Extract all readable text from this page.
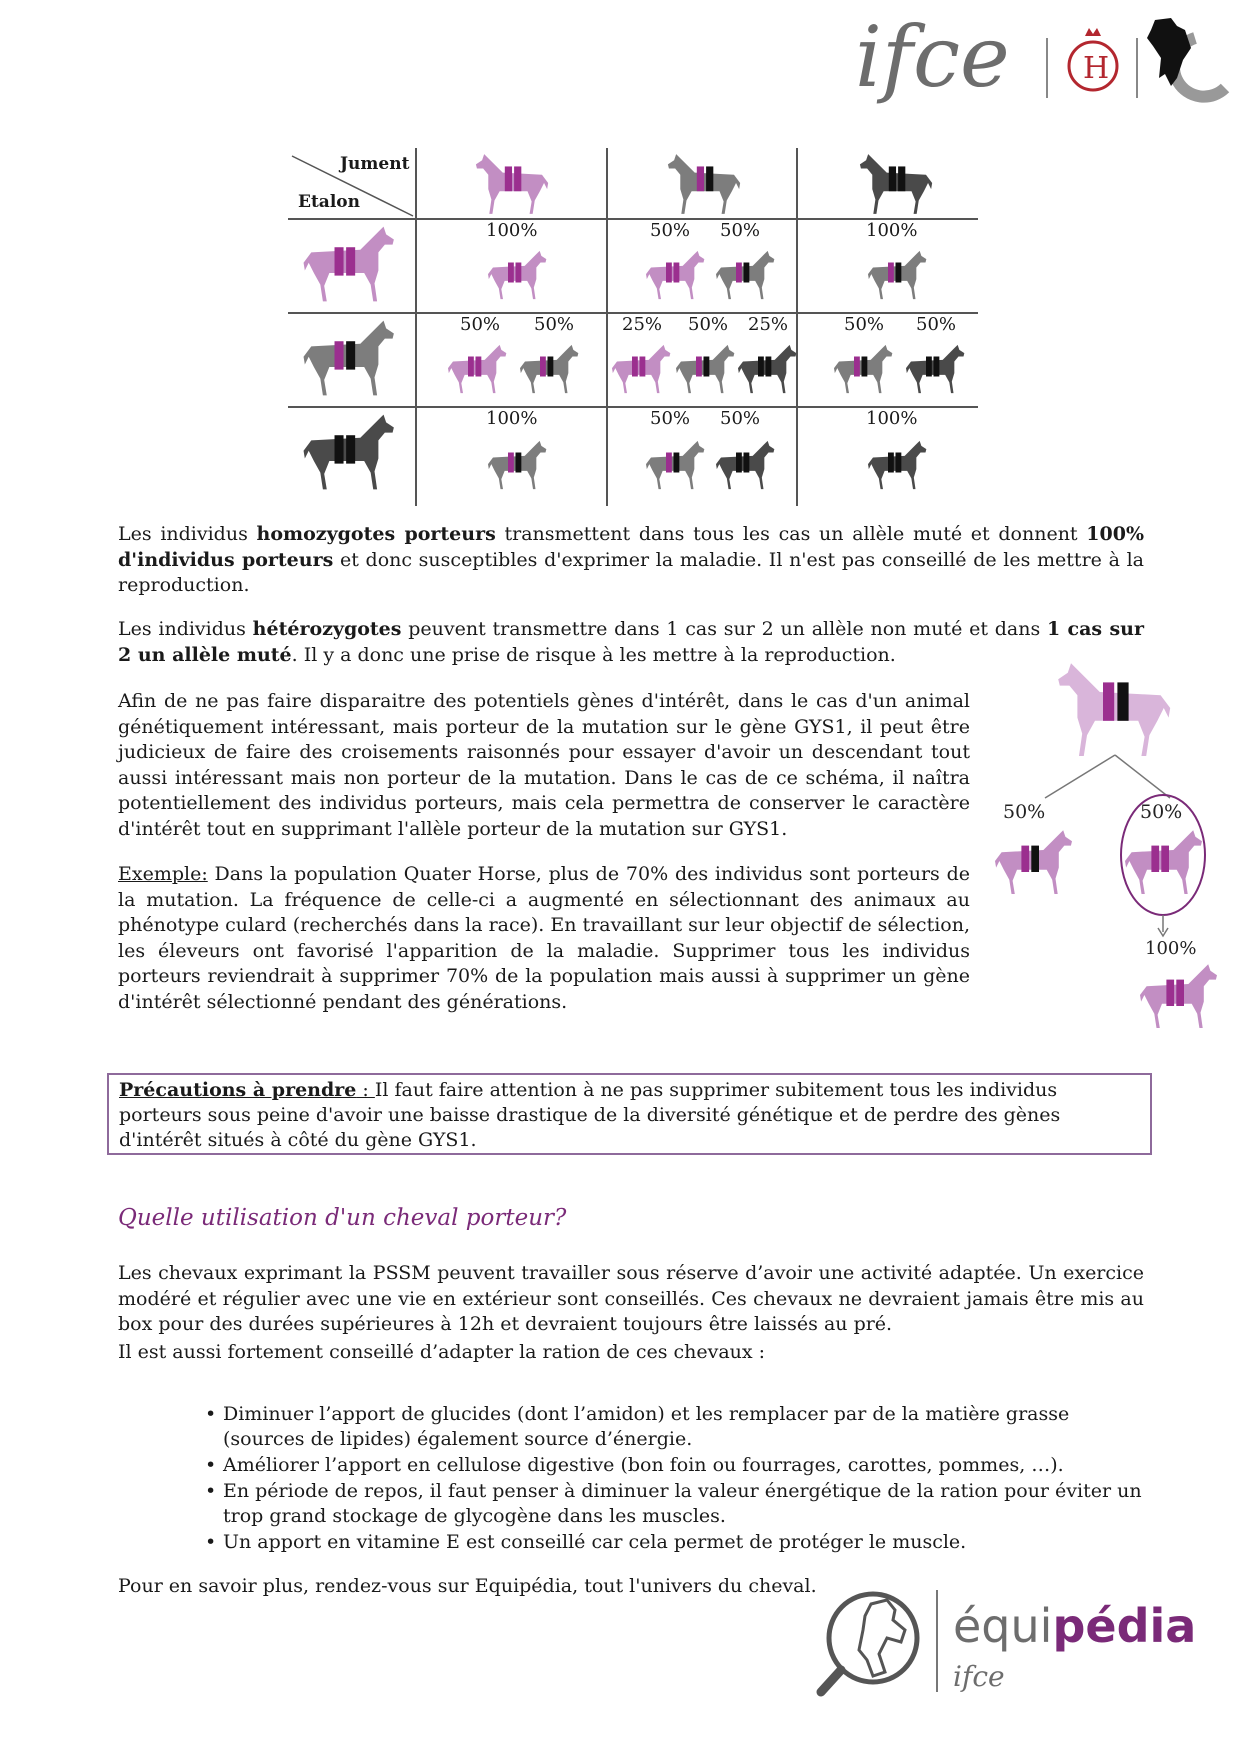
ifce H
Jument
Etalon
100%	50% 50%	100%
50% 50%	25% 50% 25%	50% 50%
100%	50% 50%	100%
Les individus homozygotes porteurs transmettent dans tous les cas un allèle muté et donnent 100% d'individus porteurs et donc susceptibles d'exprimer la maladie. Il n'est pas conseillé de les mettre à la reproduction.
Les individus hétérozygotes peuvent transmettre dans 1 cas sur 2 un allèle non muté et dans 1 cas sur 2 un allèle muté. Il y a donc une prise de risque à les mettre à la reproduction.
Afin de ne pas faire disparaitre des potentiels gènes d'intérêt, dans le cas d'un animal génétiquement intéressant, mais porteur de la mutation sur le gène GYS1, il peut être judicieux de faire des croisements raisonnés pour essayer d'avoir un descendant tout aussi intéressant mais non porteur de la mutation. Dans le cas de ce schéma, il naîtra potentiellement des individus porteurs, mais cela permettra de conserver le caractère d'intérêt tout en supprimant l'allèle porteur de la mutation sur GYS1.
Exemple: Dans la population Quater Horse, plus de 70% des individus sont porteurs de la mutation. La fréquence de celle-ci a augmenté en sélectionnant des animaux au phénotype culard (recherchés dans la race). En travaillant sur leur objectif de sélection, les éleveurs ont favorisé l'apparition de la maladie. Supprimer tous les individus porteurs reviendrait à supprimer 70% de la population mais aussi à supprimer un gène d'intérêt sélectionné pendant des générations.
50%	50%
100%
Précautions à prendre : Il faut faire attention à ne pas supprimer subitement tous les individus porteurs sous peine d'avoir une baisse drastique de la diversité génétique et de perdre des gènes d'intérêt situés à côté du gène GYS1.
Quelle utilisation d'un cheval porteur?
Les chevaux exprimant la PSSM peuvent travailler sous réserve d’avoir une activité adaptée. Un exercice modéré et régulier avec une vie en extérieur sont conseillés. Ces chevaux ne devraient jamais être mis au box pour des durées supérieures à 12h et devraient toujours être laissés au pré.
Il est aussi fortement conseillé d’adapter la ration de ces chevaux :
• Diminuer l’apport de glucides (dont l’amidon) et les remplacer par de la matière grasse (sources de lipides) également source d’énergie.
• Améliorer l’apport en cellulose digestive (bon foin ou fourrages, carottes, pommes, …).
• En période de repos, il faut penser à diminuer la valeur énergétique de la ration pour éviter un trop grand stockage de glycogène dans les muscles.
• Un apport en vitamine E est conseillé car cela permet de protéger le muscle.
Pour en savoir plus, rendez-vous sur Equipédia, tout l'univers du cheval.
équipédia
ifce
